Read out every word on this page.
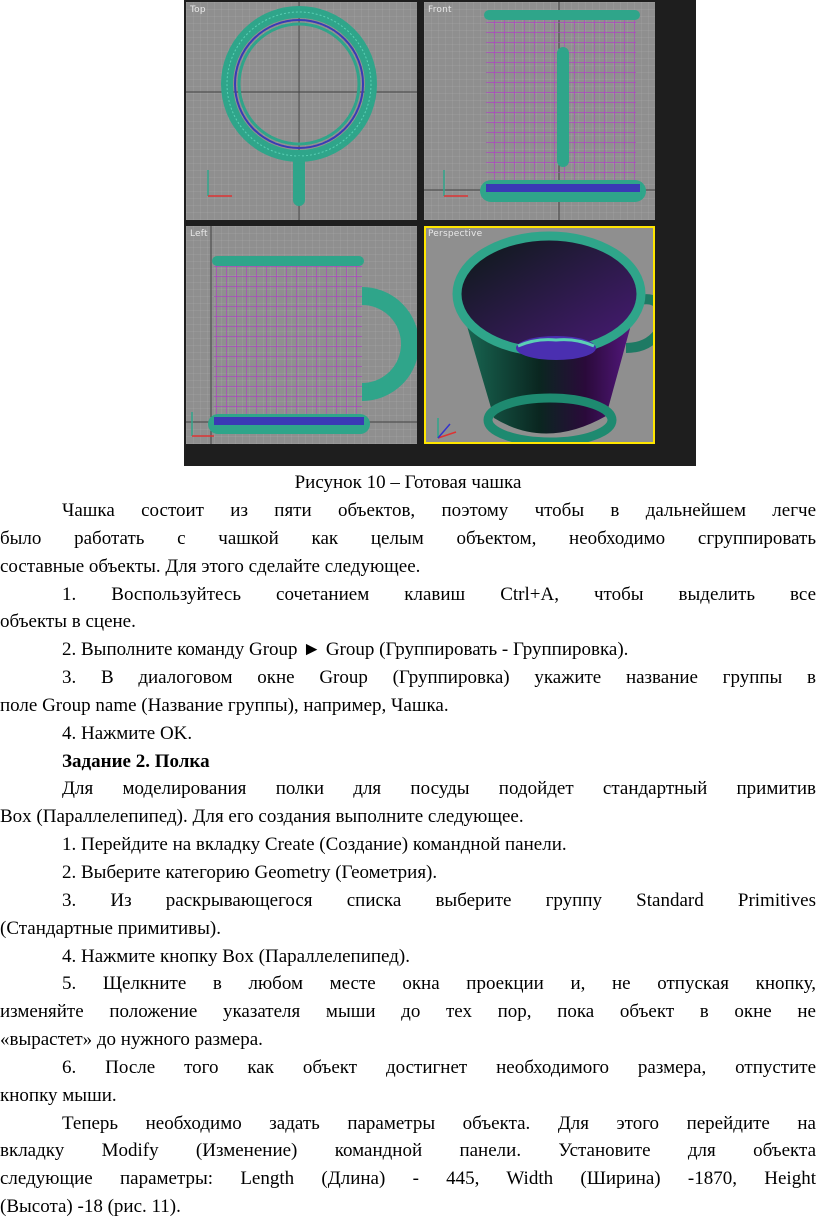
Top	Front
Left	Perspective
Рисунок 10 – Готовая чашка

Чашка состоит из пяти объектов, поэтому чтобы в дальнейшем легче

было работать с чашкой как целым объектом, необходимо сгруппировать

составные объекты. Для этого сделайте следующее.

1. Воспользуйтесь сочетанием клавиш Ctrl+A, чтобы выделить все

объекты в сцене.

2. Выполните команду Group ► Group (Группировать - Группировка).

3. В диалоговом окне Group (Группировка) укажите название группы в

поле Group name (Название группы), например, Чашка.

4. Нажмите OK.

Задание 2. Полка

Для моделирования полки для посуды подойдет стандартный примитив

Box (Параллелепипед). Для его создания выполните следующее.

1. Перейдите на вкладку Create (Создание) командной панели.

2. Выберите категорию Geometry (Геометрия).

3. Из раскрывающегося списка выберите группу Standard Primitives

(Стандартные примитивы).

4. Нажмите кнопку Box (Параллелепипед).

5. Щелкните в любом месте окна проекции и, не отпуская кнопку,

изменяйте положение указателя мыши до тех пор, пока объект в окне не

«вырастет» до нужного размера.

6. После того как объект достигнет необходимого размера, отпустите

кнопку мыши.

Теперь необходимо задать параметры объекта. Для этого перейдите на

вкладку Modify (Изменение) командной панели. Установите для объекта

следующие параметры: Length (Длина) - 445, Width (Ширина) -1870, Height

(Высота) -18 (рис. 11).
